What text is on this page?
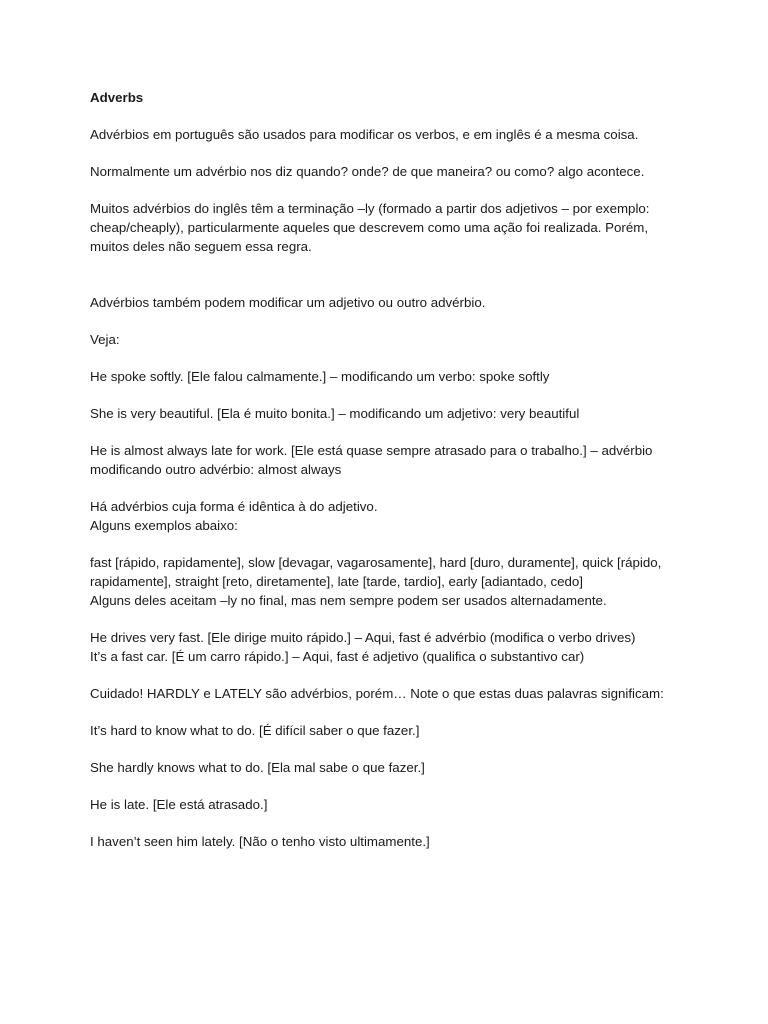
Adverbs

Advérbios em português são usados para modificar os verbos, e em inglês é a mesma coisa.

Normalmente um advérbio nos diz quando? onde? de que maneira? ou como? algo acontece.

Muitos advérbios do inglês têm a terminação –ly (formado a partir dos adjetivos – por exemplo: cheap/cheaply), particularmente aqueles que descrevem como uma ação foi realizada. Porém, muitos deles não seguem essa regra.

Advérbios também podem modificar um adjetivo ou outro advérbio.

Veja:

He spoke softly. [Ele falou calmamente.] – modificando um verbo: spoke softly

She is very beautiful. [Ela é muito bonita.] – modificando um adjetivo: very beautiful

He is almost always late for work. [Ele está quase sempre atrasado para o trabalho.] – advérbio modificando outro advérbio: almost always

Há advérbios cuja forma é idêntica à do adjetivo.
Alguns exemplos abaixo:

fast [rápido, rapidamente], slow [devagar, vagarosamente], hard [duro, duramente], quick [rápido, rapidamente], straight [reto, diretamente], late [tarde, tardio], early [adiantado, cedo]
Alguns deles aceitam –ly no final, mas nem sempre podem ser usados alternadamente.

He drives very fast. [Ele dirige muito rápido.] – Aqui, fast é advérbio (modifica o verbo drives)
It’s a fast car. [É um carro rápido.] – Aqui, fast é adjetivo (qualifica o substantivo car)

Cuidado! HARDLY e LATELY são advérbios, porém… Note o que estas duas palavras significam:

It’s hard to know what to do. [É difícil saber o que fazer.]

She hardly knows what to do. [Ela mal sabe o que fazer.]

He is late. [Ele está atrasado.]

I haven’t seen him lately. [Não o tenho visto ultimamente.]
